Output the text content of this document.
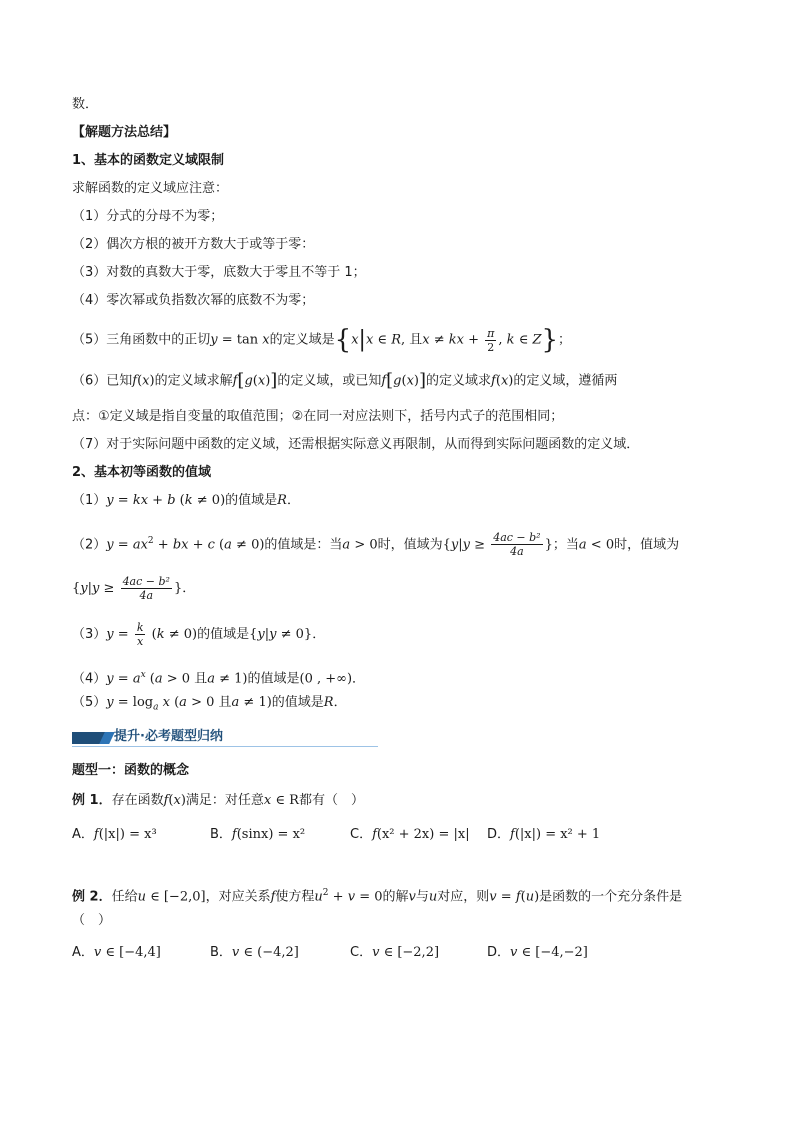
数．
【解题方法总结】
1、基本的函数定义域限制
求解函数的定义域应注意：
（1）分式的分母不为零；
（2）偶次方根的被开方数大于或等于零：
（3）对数的真数大于零，底数大于零且不等于 1；
（4）零次幂或负指数次幂的底数不为零；
（5）三角函数中的正切y = tan x的定义域是{x|x ∈ R, 且x ≠ kx + $\frac{\pi}{2}$ , k ∈ Z}；
（6）已知f(x)的定义域求解f[g(x)]的定义域，或已知f[g(x)]的定义域求f(x)的定义域，遵循两
点：①定义域是指自变量的取值范围；②在同一对应法则下，括号内式子的范围相同；
（7）对于实际问题中函数的定义域，还需根据实际意义再限制，从而得到实际问题函数的定义域．
2、基本初等函数的值域
（1）y = kx + b (k ≠ 0)的值域是R．
$(2)y = ax^2$ + bx + c (a ≠ 0)的值域是：当a > 0时，值域为{$y|y \ge \frac{\text{4ac − b²}}{4a}$ }；当a < 0时，值域为
{$y|y \ge \frac{\text{4ac − b²}}{4a}$ }．
$(3)y = \frac{k}{x} (k \ne 0)$的值域是{y|y ≠ 0}．
$(4)y = a^x$ (a > 0 且a ≠ 1)的值域是(0 , +∞)．
$(5)y = \log_a x$ (a > 0 且a ≠ 1)的值域是R．
提升·必考题型归纳
题型一：函数的概念
例 1．存在函数f(x)满足：对任意x ∈ R都有（　）
A．f(|x|) = x³	B．f(sinx) = x²	C．f(x² + 2x) = |x| D．f(|x|) = x² + 1
例 2．任给u ∈ [−2,0]，对应关系f使方程$u^2 + v = 0$的解v与u对应，则v = f(u)是函数的一个充分条件是
（　）
A．v ∈ [−4,4]	B．v ∈ (−4,2]	C．v ∈ [−2,2]	D．v ∈ [−4,−2]
